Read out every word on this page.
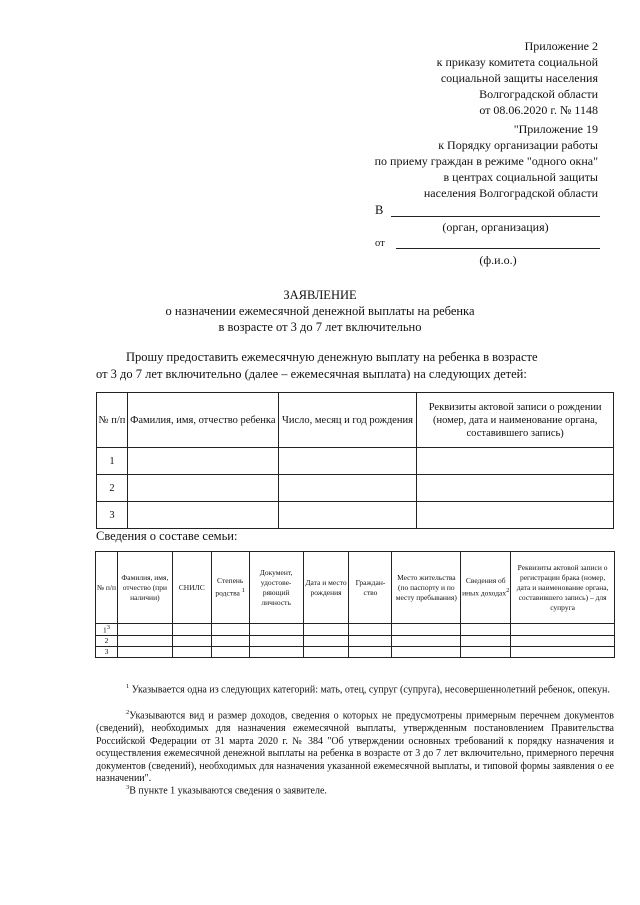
Приложение 2
к приказу комитета социальной
социальной защиты населения
Волгоградской области
от 08.06.2020 г. № 1148
"Приложение 19
к Порядку организации работы
по приему граждан в режиме "одного окна"
в центрах социальной защиты
населения Волгоградской области
В
(орган, организация)
от
(ф.и.о.)
ЗАЯВЛЕНИЕ
о назначении ежемесячной денежной выплаты на ребенка
в возрасте от 3 до 7 лет включительно
Прошу предоставить ежемесячную денежную выплату на ребенка в возрасте
от 3 до 7 лет включительно (далее – ежемесячная выплата) на следующих детей:
№ п/п	Фамилия, имя, отчество ребенка	Число, месяц и год рождения	Реквизиты актовой записи о рождении (номер, дата и наименование органа, составившего запись)
1			
2			
3			
Сведения о составе семьи:
№ п/п	Фамилия, имя, отчество (при наличии)	СНИЛС	Степень родства $^1$	Документ, удостове-ряющий личность	Дата и место рождения	Граждан-ство	Место жительства (по паспорту и по месту пребывания)	Сведения об иных доходах$^2$	Реквизиты актовой записи о регистрации брака (номер, дата и наименование органа, составившего запись) – для супруга
$1^3$									
2									
3									
$^1$ Указывается одна из следующих категорий: мать, отец, супруг (супруга), несовершеннолетний ребенок, опекун.
$^2$Указываются вид и размер доходов, сведения о которых не предусмотрены примерным перечнем документов (сведений), необходимых для назначения ежемесячной выплаты, утвержденным постановлением Правительства Российской Федерации от 31 марта 2020 г. № 384 "Об утверждении основных требований к порядку назначения и осуществления ежемесячной денежной выплаты на ребенка в возрасте от 3 до 7 лет включительно, примерного перечня документов (сведений), необходимых для назначения указанной ежемесячной выплаты, и типовой формы заявления о ее назначении".
$^3$В пункте 1 указываются сведения о заявителе.
